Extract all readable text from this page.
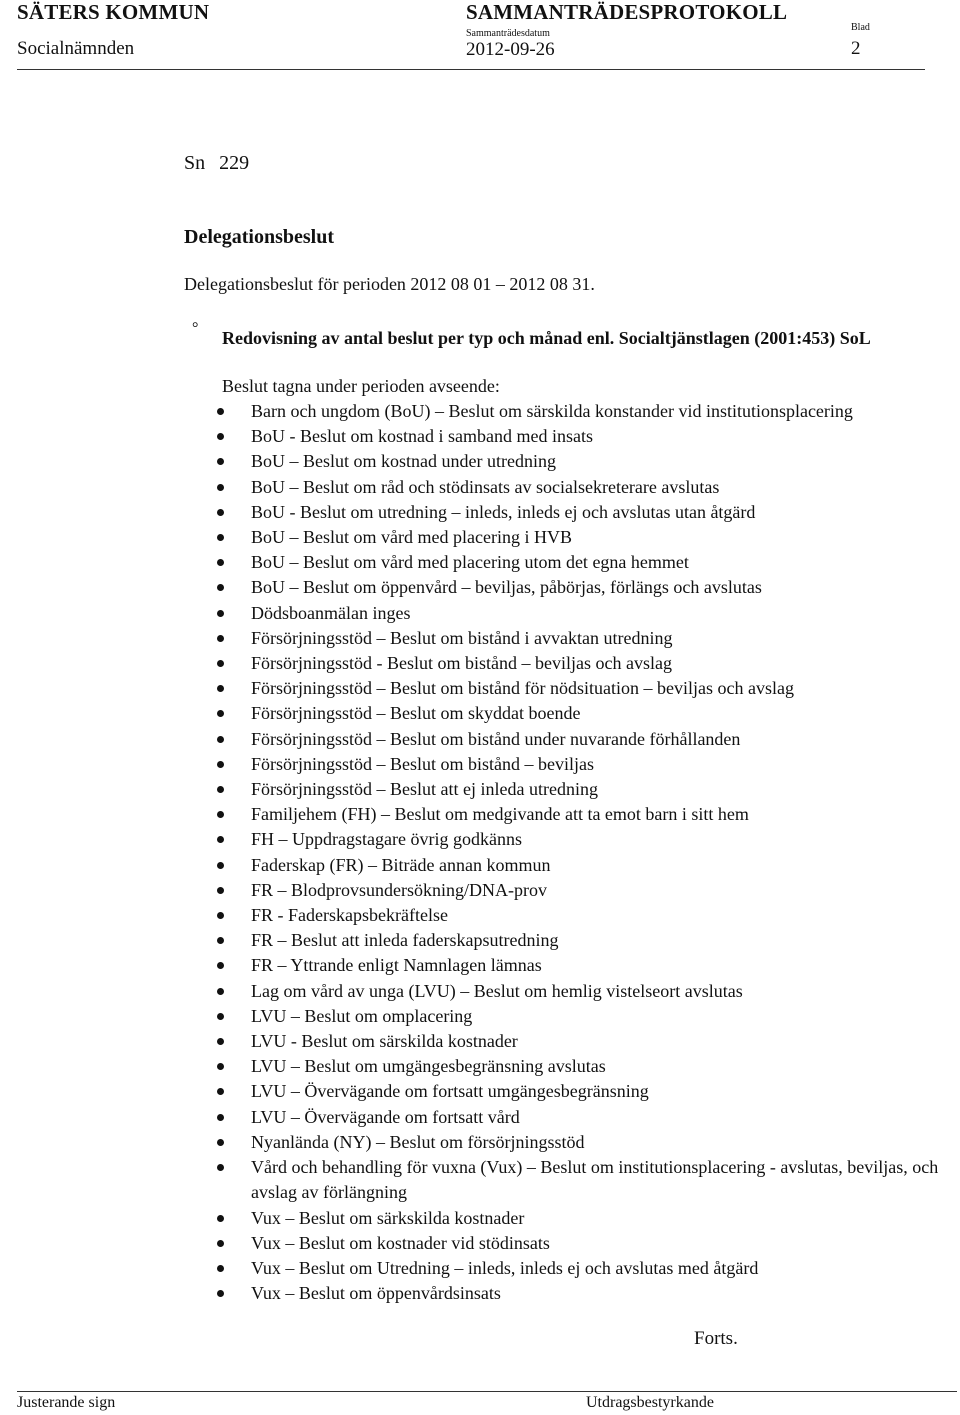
SÄTERS KOMMUN
Socialnämnden
SAMMANTRÄDESPROTOKOLL
Sammanträdesdatum
2012-09-26
Blad
2
Sn 229
Delegationsbeslut
Delegationsbeslut för perioden 2012 08 01 – 2012 08 31.
° Redovisning av antal beslut per typ och månad enl. Socialtjänstlagen (2001:453) SoL
Beslut tagna under perioden avseende:
Barn och ungdom (BoU) – Beslut om särskilda konstander vid institutionsplacering
BoU - Beslut om kostnad i samband med insats
BoU – Beslut om kostnad under utredning
BoU – Beslut om råd och stödinsats av socialsekreterare avslutas
BoU - Beslut om utredning – inleds, inleds ej och avslutas utan åtgärd
BoU – Beslut om vård med placering i HVB
BoU – Beslut om vård med placering utom det egna hemmet
BoU – Beslut om öppenvård – beviljas, påbörjas, förlängs och avslutas
Dödsboanmälan inges
Försörjningsstöd – Beslut om bistånd i avvaktan utredning
Försörjningsstöd - Beslut om bistånd – beviljas och avslag
Försörjningsstöd – Beslut om bistånd för nödsituation – beviljas och avslag
Försörjningsstöd – Beslut om skyddat boende
Försörjningsstöd – Beslut om bistånd under nuvarande förhållanden
Försörjningsstöd – Beslut om bistånd – beviljas
Försörjningsstöd – Beslut att ej inleda utredning
Familjehem (FH) – Beslut om medgivande att ta emot barn i sitt hem
FH – Uppdragstagare övrig godkänns
Faderskap (FR) – Biträde annan kommun
FR – Blodprovsundersökning/DNA-prov
FR - Faderskapsbekräftelse
FR – Beslut att inleda faderskapsutredning
FR – Yttrande enligt Namnlagen lämnas
Lag om vård av unga (LVU) – Beslut om hemlig vistelseort avslutas
LVU – Beslut om omplacering
LVU - Beslut om särskilda kostnader
LVU – Beslut om umgängesbegränsning avslutas
LVU – Övervägande om fortsatt umgängesbegränsning
LVU – Övervägande om fortsatt vård
Nyanlända (NY) – Beslut om försörjningsstöd
Vård och behandling för vuxna (Vux) – Beslut om institutionsplacering - avslutas, beviljas, och avslag av förlängning
Vux – Beslut om särkskilda kostnader
Vux – Beslut om kostnader vid stödinsats
Vux – Beslut om Utredning – inleds, inleds ej och avslutas med åtgärd
Vux – Beslut om öppenvårdsinsats
Forts.
Justerande sign	Utdragsbestyrkande
